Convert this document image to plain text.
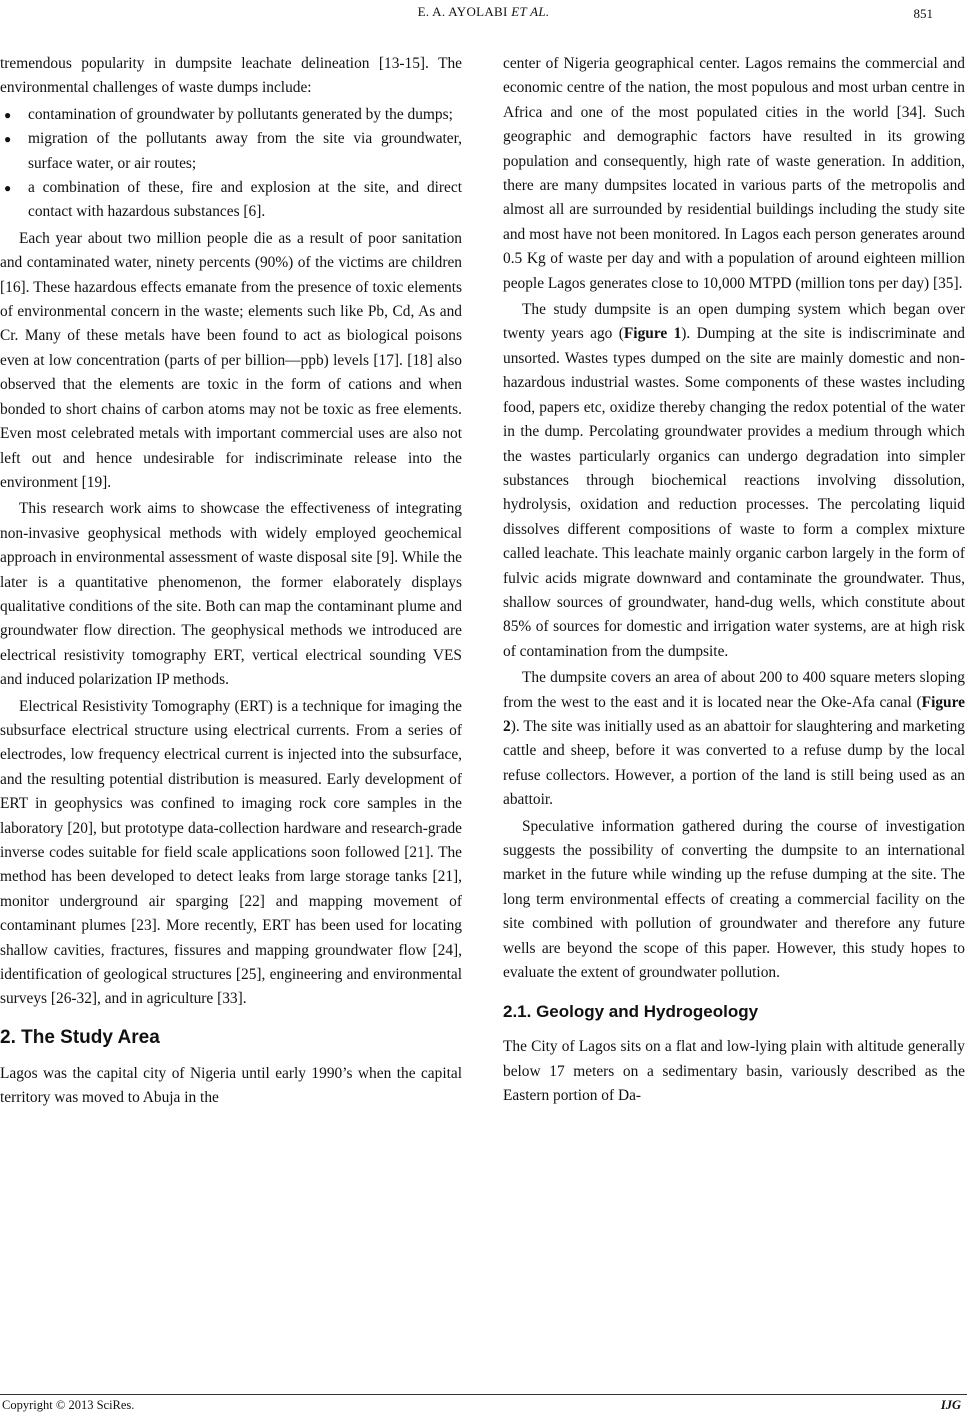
E. A. AYOLABI ET AL.	851

tremendous popularity in dumpsite leachate delineation [13-15]. The environmental challenges of waste dumps include:

● contamination of groundwater by pollutants generated by the dumps;
● migration of the pollutants away from the site via groundwater, surface water, or air routes;
● a combination of these, fire and explosion at the site, and direct contact with hazardous substances [6].

Each year about two million people die as a result of poor sanitation and contaminated water, ninety percents (90%) of the victims are children [16]. These hazardous effects emanate from the presence of toxic elements of environmental concern in the waste; elements such like Pb, Cd, As and Cr. Many of these metals have been found to act as biological poisons even at low concentration (parts of per billion—ppb) levels [17]. [18] also observed that the elements are toxic in the form of cations and when bonded to short chains of carbon atoms may not be toxic as free elements. Even most celebrated metals with important commercial uses are also not left out and hence undesirable for indiscriminate release into the environment [19].

This research work aims to showcase the effectiveness of integrating non-invasive geophysical methods with widely employed geochemical approach in environmental assessment of waste disposal site [9]. While the later is a quantitative phenomenon, the former elaborately displays qualitative conditions of the site. Both can map the contaminant plume and groundwater flow direction. The geophysical methods we introduced are electrical resistivity tomography ERT, vertical electrical sounding VES and induced polarization IP methods.

Electrical Resistivity Tomography (ERT) is a technique for imaging the subsurface electrical structure using electrical currents. From a series of electrodes, low frequency electrical current is injected into the subsurface, and the resulting potential distribution is measured. Early development of ERT in geophysics was confined to imaging rock core samples in the laboratory [20], but prototype data-collection hardware and research-grade inverse codes suitable for field scale applications soon followed [21]. The method has been developed to detect leaks from large storage tanks [21], monitor underground air sparging [22] and mapping movement of contaminant plumes [23]. More recently, ERT has been used for locating shallow cavities, fractures, fissures and mapping groundwater flow [24], identification of geological structures [25], engineering and environmental surveys [26-32], and in agriculture [33].

2. The Study Area

Lagos was the capital city of Nigeria until early 1990’s when the capital territory was moved to Abuja in the

center of Nigeria geographical center. Lagos remains the commercial and economic centre of the nation, the most populous and most urban centre in Africa and one of the most populated cities in the world [34]. Such geographic and demographic factors have resulted in its growing population and consequently, high rate of waste generation. In addition, there are many dumpsites located in various parts of the metropolis and almost all are surrounded by residential buildings including the study site and most have not been monitored. In Lagos each person generates around 0.5 Kg of waste per day and with a population of around eighteen million people Lagos generates close to 10,000 MTPD (million tons per day) [35].

The study dumpsite is an open dumping system which began over twenty years ago (Figure 1). Dumping at the site is indiscriminate and unsorted. Wastes types dumped on the site are mainly domestic and non-hazardous industrial wastes. Some components of these wastes including food, papers etc, oxidize thereby changing the redox potential of the water in the dump. Percolating groundwater provides a medium through which the wastes particularly organics can undergo degradation into simpler substances through biochemical reactions involving dissolution, hydrolysis, oxidation and reduction processes. The percolating liquid dissolves different compositions of waste to form a complex mixture called leachate. This leachate mainly organic carbon largely in the form of fulvic acids migrate downward and contaminate the groundwater. Thus, shallow sources of groundwater, hand-dug wells, which constitute about 85% of sources for domestic and irrigation water systems, are at high risk of contamination from the dumpsite.

The dumpsite covers an area of about 200 to 400 square meters sloping from the west to the east and it is located near the Oke-Afa canal (Figure 2). The site was initially used as an abattoir for slaughtering and marketing cattle and sheep, before it was converted to a refuse dump by the local refuse collectors. However, a portion of the land is still being used as an abattoir.

Speculative information gathered during the course of investigation suggests the possibility of converting the dumpsite to an international market in the future while winding up the refuse dumping at the site. The long term environmental effects of creating a commercial facility on the site combined with pollution of groundwater and therefore any future wells are beyond the scope of this paper. However, this study hopes to evaluate the extent of groundwater pollution.

2.1. Geology and Hydrogeology

The City of Lagos sits on a flat and low-lying plain with altitude generally below 17 meters on a sedimentary basin, variously described as the Eastern portion of Da-

Copyright © 2013 SciRes.	IJG
